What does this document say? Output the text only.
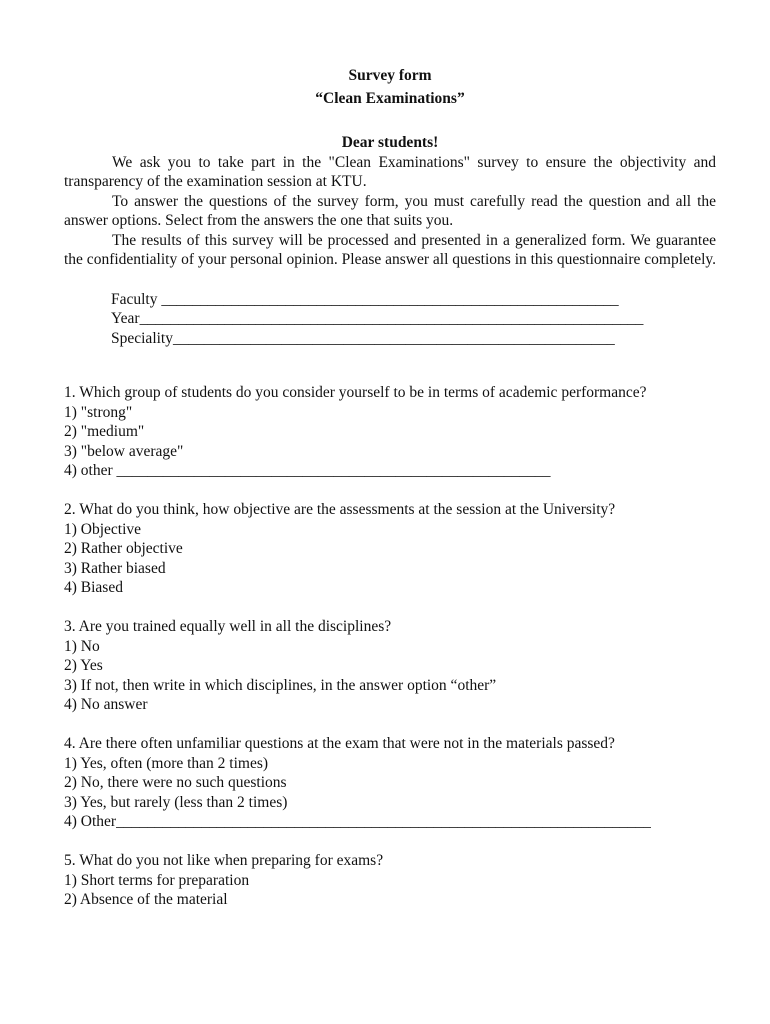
Survey form
“Clean Examinations”
Dear students!

We ask you to take part in the "Clean Examinations" survey to ensure the objectivity and transparency of the examination session at KTU.

To answer the questions of the survey form, you must carefully read the question and all the answer options. Select from the answers the one that suits you.

The results of this survey will be processed and presented in a generalized form. We guarantee the confidentiality of your personal opinion. Please answer all questions in this questionnaire completely.

Faculty ___________________________________________________________
Year_________________________________________________________________
Speciality_________________________________________________________
1. Which group of students do you consider yourself to be in terms of academic performance?
1) "strong"
2) "medium"
3) "below average"
4) other ________________________________________________________
2. What do you think, how objective are the assessments at the session at the University?
1) Objective
2) Rather objective
3) Rather biased
4) Biased
3. Are you trained equally well in all the disciplines?
1) No
2) Yes
3) If not, then write in which disciplines, in the answer option “other”
4) No answer
4. Are there often unfamiliar questions at the exam that were not in the materials passed?
1) Yes, often (more than 2 times)
2) No, there were no such questions
3) Yes, but rarely (less than 2 times)
4) Other_____________________________________________________________________
5. What do you not like when preparing for exams?
1) Short terms for preparation
2) Absence of the material
